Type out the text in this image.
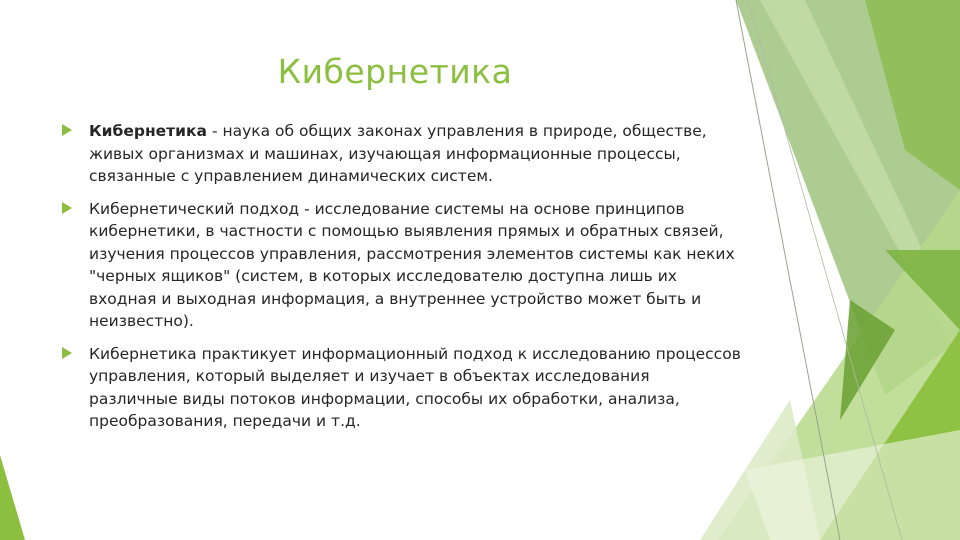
Кибернетика
Кибернетика - наука об общих законах управления в природе, обществе, живых организмах и машинах, изучающая информационные процессы, связанные с управлением динамических систем.
Кибернетический подход - исследование системы на основе принципов кибернетики, в частности с помощью выявления прямых и обратных связей, изучения процессов управления, рассмотрения элементов системы как неких "черных ящиков" (систем, в которых исследователю доступна лишь их входная и выходная информация, а внутреннее устройство может быть и неизвестно).
Кибернетика практикует информационный подход к исследованию процессов управления, который выделяет и изучает в объектах исследования различные виды потоков информации, способы их обработки, анализа, преобразования, передачи и т.д.
